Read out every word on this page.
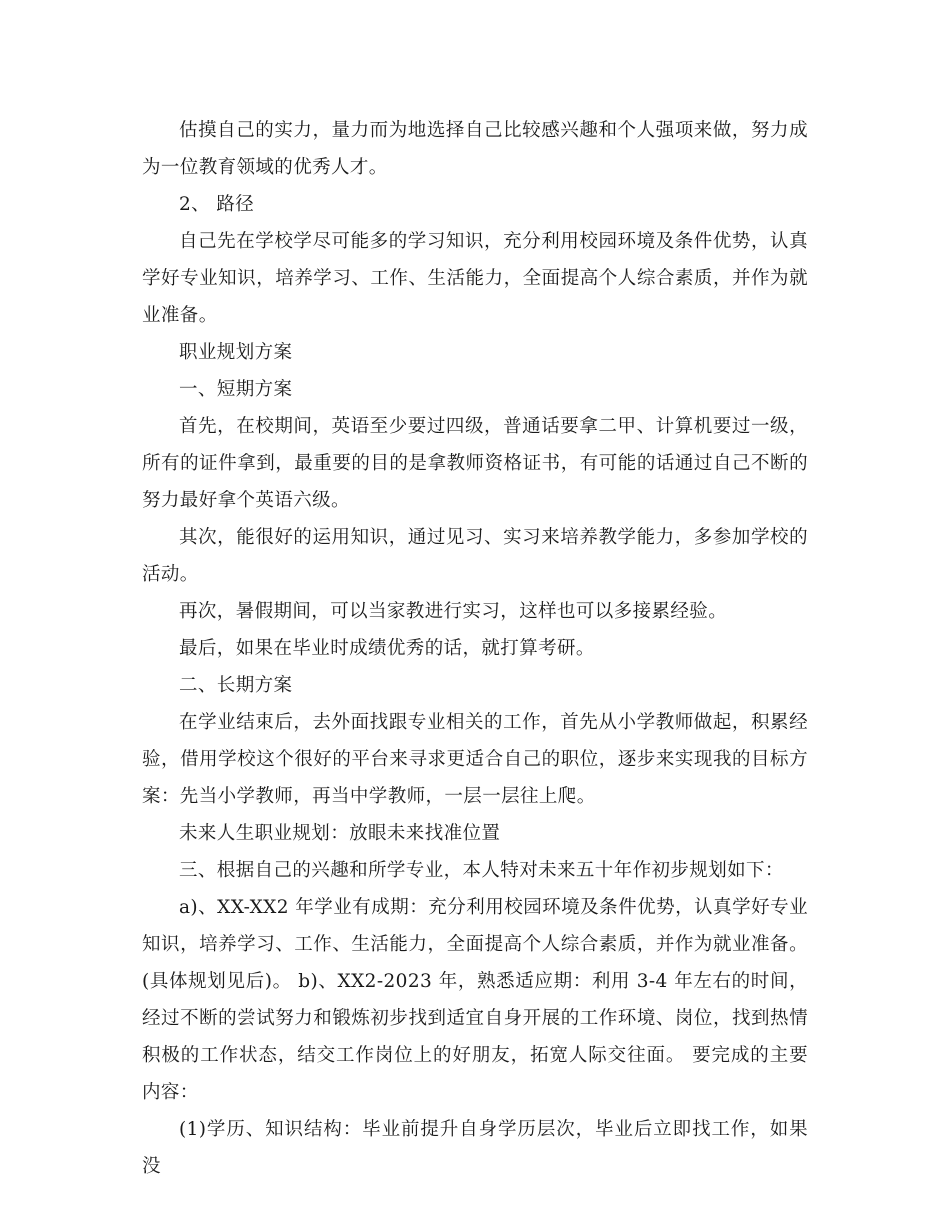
估摸自己的实力，量力而为地选择自己比较感兴趣和个人强项来做，努力成为一位教育领域的优秀人才。

2、 路径

自己先在学校学尽可能多的学习知识，充分利用校园环境及条件优势，认真学好专业知识，培养学习、工作、生活能力，全面提高个人综合素质，并作为就业准备。

职业规划方案

一、短期方案

首先，在校期间，英语至少要过四级，普通话要拿二甲、计算机要过一级，所有的证件拿到，最重要的目的是拿教师资格证书，有可能的话通过自己不断的努力最好拿个英语六级。

其次，能很好的运用知识，通过见习、实习来培养教学能力，多参加学校的活动。

再次，暑假期间，可以当家教进行实习，这样也可以多接累经验。

最后，如果在毕业时成绩优秀的话，就打算考研。

二、长期方案

在学业结束后，去外面找跟专业相关的工作，首先从小学教师做起，积累经验，借用学校这个很好的平台来寻求更适合自己的职位，逐步来实现我的目标方案：先当小学教师，再当中学教师，一层一层往上爬。

未来人生职业规划：放眼未来找准位置

三、根据自己的兴趣和所学专业，本人特对未来五十年作初步规划如下：

a)、XX-XX2 年学业有成期：充分利用校园环境及条件优势，认真学好专业知识，培养学习、工作、生活能力，全面提高个人综合素质，并作为就业准备。(具体规划见后)。 b)、XX2-2023 年，熟悉适应期：利用 3-4 年左右的时间，经过不断的尝试努力和锻炼初步找到适宜自身开展的工作环境、岗位，找到热情积极的工作状态，结交工作岗位上的好朋友，拓宽人际交往面。 要完成的主要内容：

(1)学历、知识结构：毕业前提升自身学历层次，毕业后立即找工作，如果没
